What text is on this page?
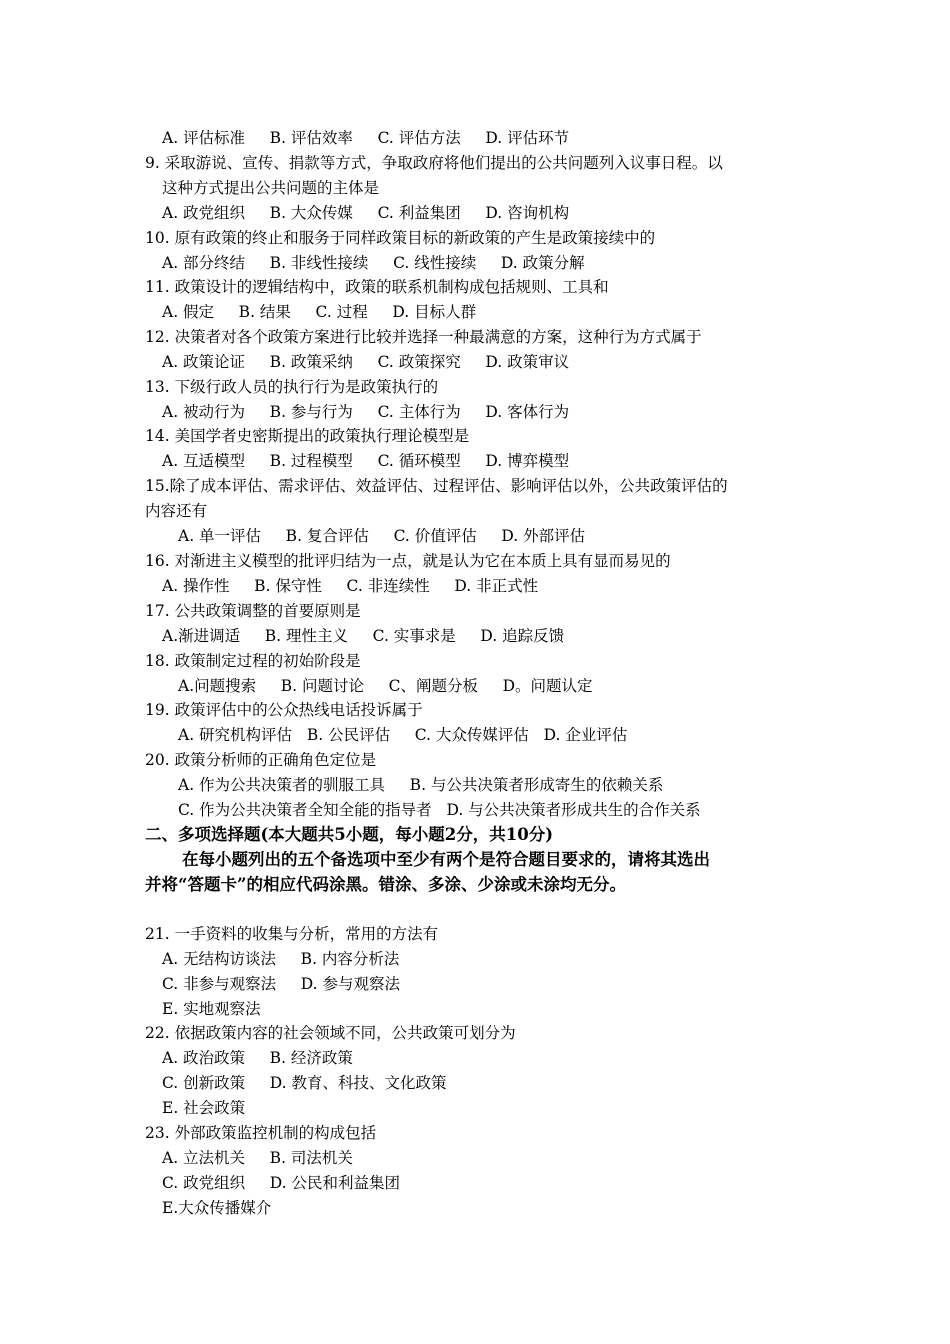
A. 评估标准     B. 评估效率     C. 评估方法     D. 评估环节
9. 采取游说、宣传、捐款等方式，争取政府将他们提出的公共问题列入议事日程。以
这种方式提出公共问题的主体是
A. 政党组织     B. 大众传媒     C. 利益集团     D. 咨询机构
10. 原有政策的终止和服务于同样政策目标的新政策的产生是政策接续中的
A. 部分终结     B. 非线性接续     C. 线性接续     D. 政策分解
11. 政策设计的逻辑结构中，政策的联系机制构成包括规则、工具和
A. 假定     B. 结果     C. 过程     D. 目标人群
12. 决策者对各个政策方案进行比较并选择一种最满意的方案，这种行为方式属于
A. 政策论证     B. 政策采纳     C. 政策探究     D. 政策审议
13. 下级行政人员的执行行为是政策执行的
A. 被动行为     B. 参与行为     C. 主体行为     D. 客体行为
14. 美国学者史密斯提出的政策执行理论模型是
A. 互适模型     B. 过程模型     C. 循环模型     D. 博弈模型
15.除了成本评估、需求评估、效益评估、过程评估、影响评估以外，公共政策评估的
内容还有
A. 单一评估     B. 复合评估     C. 价值评估     D. 外部评估
16. 对渐进主义模型的批评归结为一点，就是认为它在本质上具有显而易见的
A. 操作性     B. 保守性     C. 非连续性     D. 非正式性
17. 公共政策调整的首要原则是
A.渐进调适     B. 理性主义     C. 实事求是     D. 追踪反馈
18. 政策制定过程的初始阶段是
A.问题搜索     B. 问题讨论     C、阐题分板     D。问题认定
19. 政策评估中的公众热线电话投诉属于
A. 研究机构评估   B. 公民评估     C. 大众传媒评估   D. 企业评估
20. 政策分析师的正确角色定位是
A. 作为公共决策者的驯服工具     B. 与公共决策者形成寄生的依赖关系
C. 作为公共决策者全知全能的指导者   D. 与公共决策者形成共生的合作关系
二、多项选择题(本大题共5小题，每小题2分，共10分)
在每小题列出的五个备选项中至少有两个是符合题目要求的，请将其选出
并将“答题卡”的相应代码涂黑。错涂、多涂、少涂或未涂均无分。
21. 一手资料的收集与分析，常用的方法有
A. 无结构访谈法     B. 内容分析法
C. 非参与观察法     D. 参与观察法
E. 实地观察法
22. 依据政策内容的社会领域不同，公共政策可划分为
A. 政治政策     B. 经济政策
C. 创新政策     D. 教育、科技、文化政策
E. 社会政策
23. 外部政策监控机制的构成包括
A. 立法机关     B. 司法机关
C. 政党组织     D. 公民和利益集团
E.大众传播媒介
